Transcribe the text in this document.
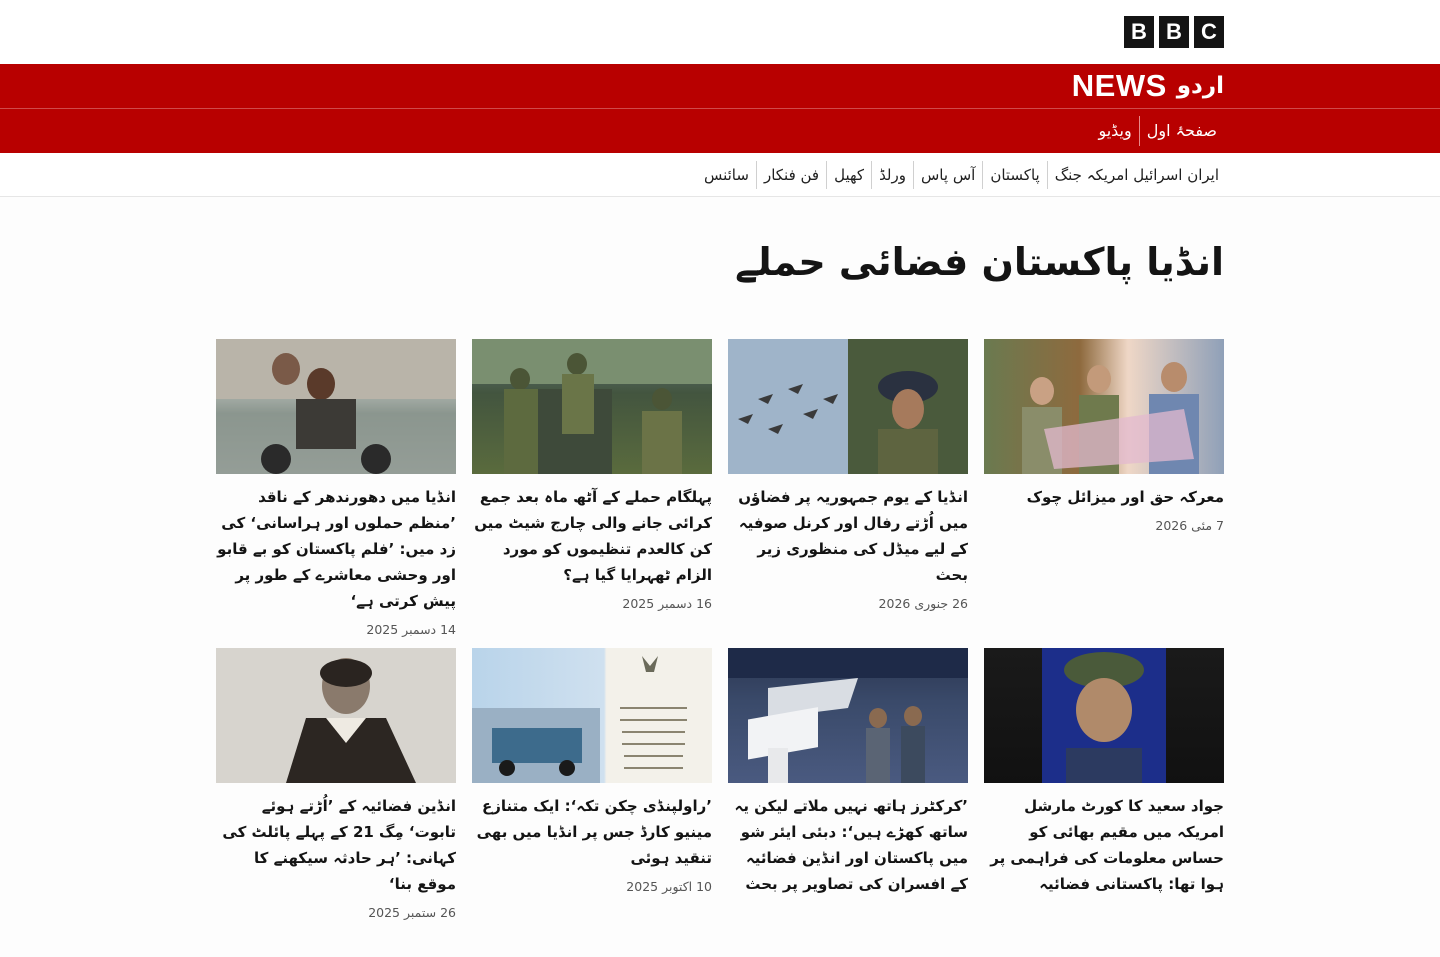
B B C
NEWS اردو
صفحۂ اول
ویڈیو
ایران اسرائیل امریکہ جنگ
پاکستان
آس پاس
ورلڈ
کھیل
فن فنکار
سائنس
انڈیا پاکستان فضائی حملے
معرکہ حق اور میزائل چوک
7 مئی 2026
انڈیا کے یوم جمہوریہ پر فضاؤں میں اُڑتے رفال اور کرنل صوفیہ کے لیے میڈل کی منظوری زیر بحث
26 جنوری 2026
پہلگام حملے کے آٹھ ماہ بعد جمع کرائی جانے والی چارج شیٹ میں کن کالعدم تنظیموں کو مورد الزام ٹھہرایا گیا ہے؟
16 دسمبر 2025
انڈیا میں دھورندھر کے ناقد ’منظم حملوں اور ہراسانی‘ کی زد میں: ’فلم پاکستان کو بے قابو اور وحشی معاشرے کے طور پر پیش کرتی ہے‘
14 دسمبر 2025
جواد سعید کا کورٹ مارشل امریکہ میں مقیم بھائی کو حساس معلومات کی فراہمی پر ہوا تھا: پاکستانی فضائیہ
’کرکٹرز ہاتھ نہیں ملاتے لیکن یہ ساتھ کھڑے ہیں‘: دبئی ایئر شو میں پاکستان اور انڈین فضائیہ کے افسران کی تصاویر پر بحث
’راولپنڈی چکن تکہ‘: ایک متنازع مینیو کارڈ جس پر انڈیا میں بھی تنقید ہوئی
10 اکتوبر 2025
انڈین فضائیہ کے ’اُڑتے ہوئے تابوت‘ مِگ 21 کے پہلے پائلٹ کی کہانی: ’ہر حادثہ سیکھنے کا موقع بنا‘
26 ستمبر 2025
